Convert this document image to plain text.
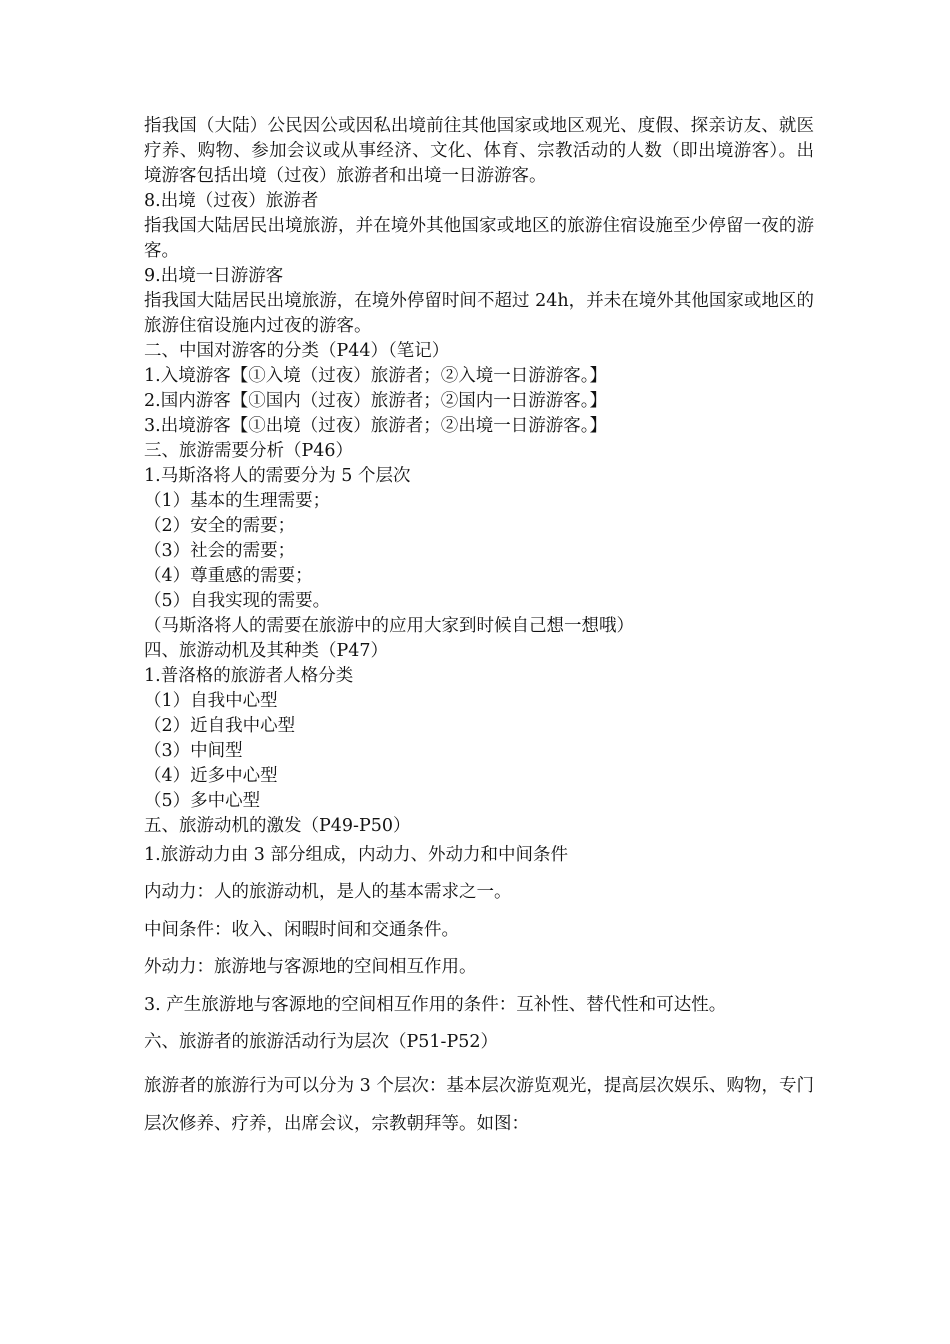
指我国（大陆）公民因公或因私出境前往其他国家或地区观光、度假、探亲访友、就医疗养、购物、参加会议或从事经济、文化、体育、宗教活动的人数（即出境游客）。出境游客包括出境（过夜）旅游者和出境一日游游客。

8.出境（过夜）旅游者

指我国大陆居民出境旅游，并在境外其他国家或地区的旅游住宿设施至少停留一夜的游客。

9.出境一日游游客

指我国大陆居民出境旅游，在境外停留时间不超过 24h，并未在境外其他国家或地区的旅游住宿设施内过夜的游客。

二、中国对游客的分类（P44）（笔记）

1.入境游客【①入境（过夜）旅游者；②入境一日游游客。】

2.国内游客【①国内（过夜）旅游者；②国内一日游游客。】

3.出境游客【①出境（过夜）旅游者；②出境一日游游客。】

三、旅游需要分析（P46）

1.马斯洛将人的需要分为 5 个层次

（1）基本的生理需要；

（2）安全的需要；

（3）社会的需要；

（4）尊重感的需要；

（5）自我实现的需要。

（马斯洛将人的需要在旅游中的应用大家到时候自己想一想哦）

四、旅游动机及其种类（P47）

1.普洛格的旅游者人格分类

（1）自我中心型

（2）近自我中心型

（3）中间型

（4）近多中心型

（5）多中心型

五、旅游动机的激发（P49-P50）

1.旅游动力由 3 部分组成，内动力、外动力和中间条件

内动力：人的旅游动机，是人的基本需求之一。

中间条件：收入、闲暇时间和交通条件。

外动力：旅游地与客源地的空间相互作用。

3. 产生旅游地与客源地的空间相互作用的条件：互补性、替代性和可达性。

六、旅游者的旅游活动行为层次（P51-P52）

旅游者的旅游行为可以分为 3 个层次：基本层次游览观光，提高层次娱乐、购物，专门层次修养、疗养，出席会议，宗教朝拜等。如图：
